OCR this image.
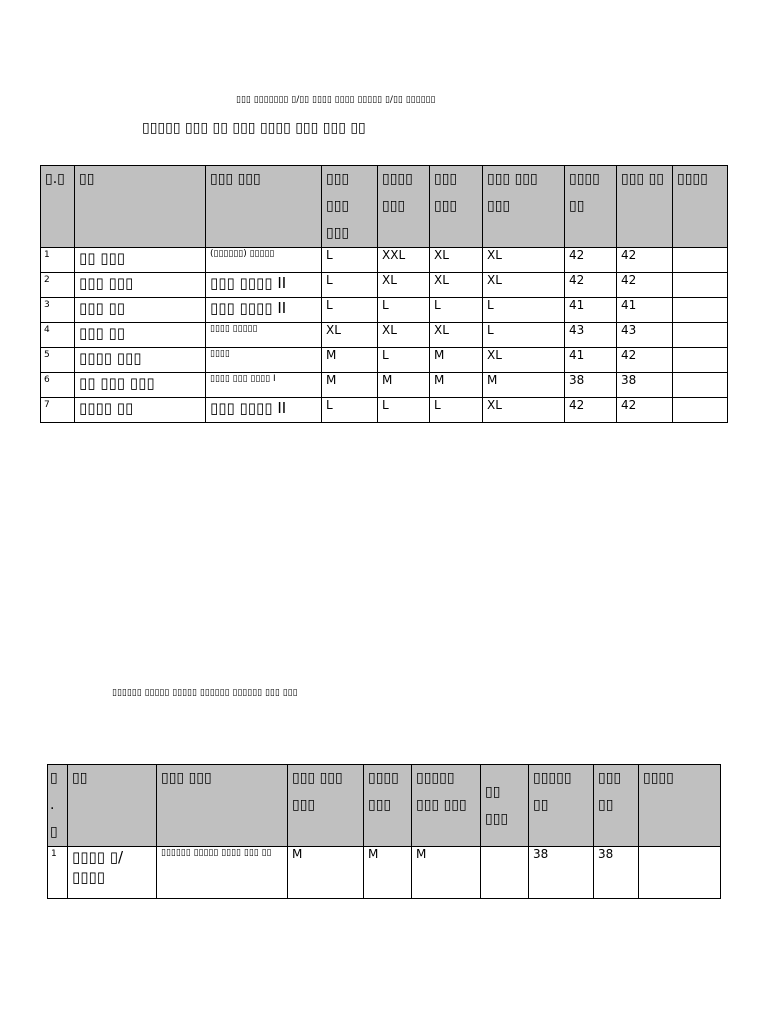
▯▯▯ ▯▯▯▯▯▯▯ ▯/▯▯ ▯▯▯▯ ▯▯▯▯ ▯▯▯▯▯ ▯/▯▯ ▯▯▯▯▯▯
▯▯▯▯▯ ▯▯▯ ▯▯ ▯▯▯ ▯▯▯▯ ▯▯▯ ▯▯▯ ▯▯
▯.▯	▯▯	▯▯▯ ▯▯▯	▯▯▯ ▯▯▯ ▯▯▯	▯▯▯▯ ▯▯▯	▯▯▯ ▯▯▯	▯▯▯ ▯▯▯ ▯▯▯	▯▯▯▯ ▯▯	▯▯▯ ▯▯	▯▯▯▯
1	▯▯ ▯▯▯	(▯▯▯▯▯▯) ▯▯▯▯▯	L	XXL	XL	XL	42	42	
2	▯▯▯ ▯▯▯	▯▯▯ ▯▯▯▯ II	L	XL	XL	XL	42	42	
3	▯▯▯ ▯▯	▯▯▯ ▯▯▯▯ II	L	L	L	L	41	41	
4	▯▯▯ ▯▯	▯▯▯▯ ▯▯▯▯▯	XL	XL	XL	L	43	43	
5	▯▯▯▯ ▯▯▯	▯▯▯▯	M	L	M	XL	41	42	
6	▯▯ ▯▯▯ ▯▯▯	▯▯▯▯ ▯▯▯ ▯▯▯▯ I	M	M	M	M	38	38	
7	▯▯▯▯ ▯▯	▯▯▯ ▯▯▯▯ II	L	L	L	XL	42	42	
▯▯▯▯▯▯ ▯▯▯▯▯ ▯▯▯▯▯ ▯▯▯▯▯▯ ▯▯▯▯▯▯ ▯▯▯ ▯▯▯
▯ . ▯	▯▯	▯▯▯ ▯▯▯	▯▯▯ ▯▯▯ ▯▯▯	▯▯▯▯ ▯▯▯	▯▯▯▯▯ ▯▯▯ ▯▯▯	▯▯ ▯▯▯	▯▯▯▯▯ ▯▯	▯▯▯ ▯▯	▯▯▯▯
1	▯▯▯▯ ▯/▯▯▯▯	▯▯▯▯▯▯ ▯▯▯▯▯ ▯▯▯▯ ▯▯▯ ▯▯	M	M	M		38	38	
